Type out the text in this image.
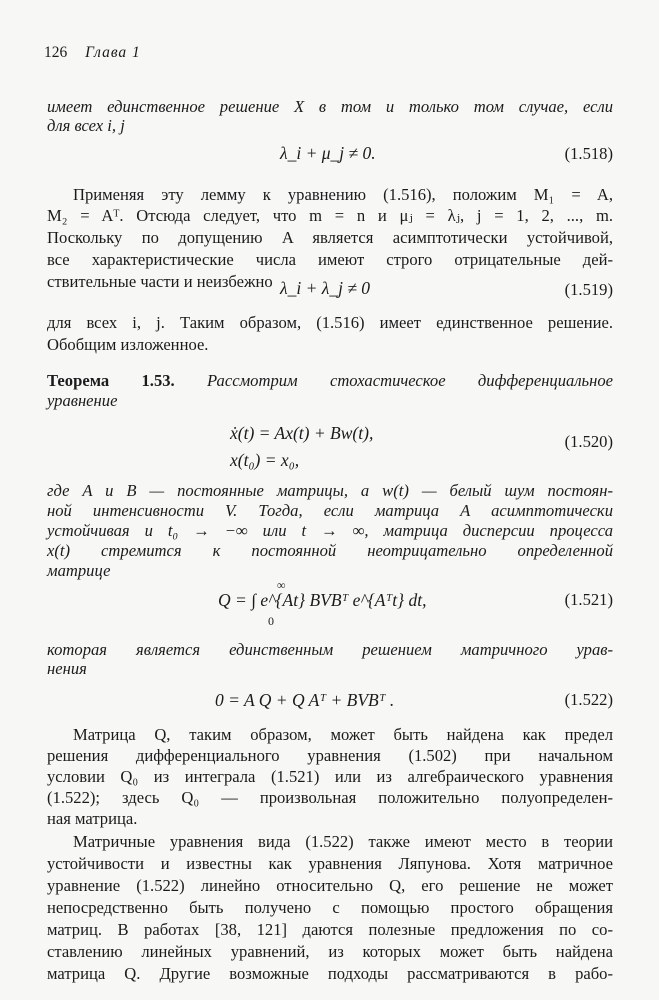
126 Глава 1
имеет единственное решение X в том и только том случае, если
для всех i, j
λ_i + μ_j ≠ 0.	(1.518)
Применяя эту лемму к уравнению (1.516), положим M₁ = A,
M₂ = Aᵀ. Отсюда следует, что m = n и μⱼ = λⱼ, j = 1, 2, ..., m.
Поскольку по допущению A является асимптотически устойчивой,
все характеристические числа имеют строго отрицательные дей-
ствительные части и неизбежно λ_i + λ_j ≠ 0	(1.519)
для всех i, j. Таким образом, (1.516) имеет единственное решение.
Обобщим изложенное.
Теорема 1.53. Рассмотрим стохастическое дифференциальное
уравнение
ẋ(t) = Ax(t) + Bw(t),
x(t₀) = x₀,
(1.520)
где A и B — постоянные матрицы, а w(t) — белый шум постоян-
ной интенсивности V. Тогда, если матрица A асимптотически
устойчивая и t₀ → −∞ или t → ∞, матрица дисперсии процесса
x(t) стремится к постоянной неотрицательно определенной
матрице
Q = ∫ e^{At} BVBᵀ e^{Aᵀt} dt,
∞
0
(1.521)
которая является единственным решением матричного урав-
нения
0 = A Q + Q Aᵀ + BVBᵀ .	(1.522)
Матрица Q, таким образом, может быть найдена как предел
решения дифференциального уравнения (1.502) при начальном
условии Q₀ из интеграла (1.521) или из алгебраического уравнения
(1.522); здесь Q₀ — произвольная положительно полуопределен-
ная матрица.
Матричные уравнения вида (1.522) также имеют место в теории
устойчивости и известны как уравнения Ляпунова. Хотя матричное
уравнение (1.522) линейно относительно Q, его решение не может
непосредственно быть получено с помощью простого обращения
матриц. В работах [38, 121] даются полезные предложения по со-
ставлению линейных уравнений, из которых может быть найдена
матрица Q. Другие возможные подходы рассматриваются в рабо-
